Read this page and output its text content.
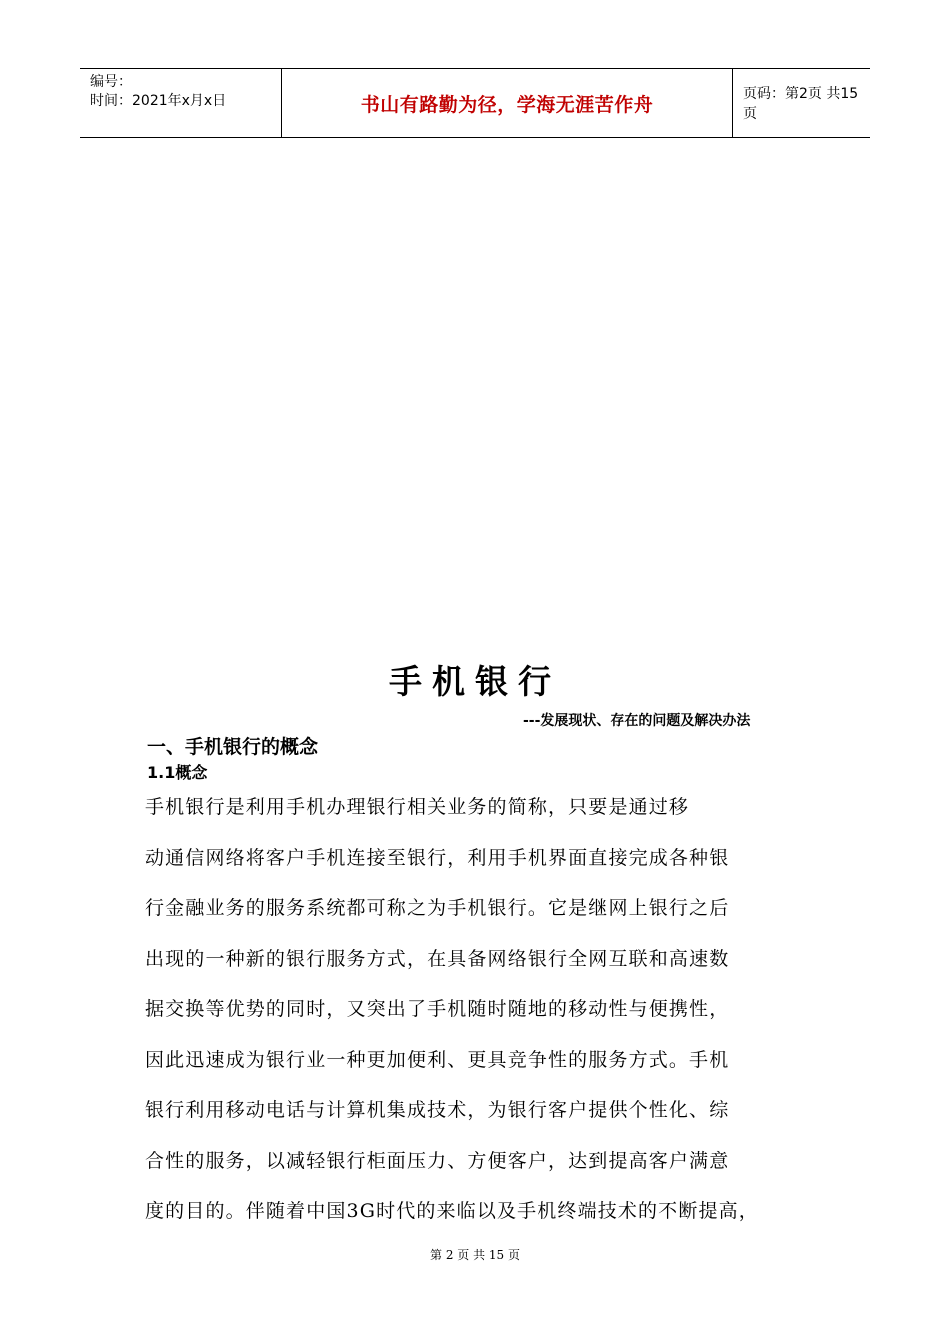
编号：
时间：2021年x月x日	书山有路勤为径，学海无涯苦作舟	页码：第2页 共15页
手机银行
---发展现状、存在的问题及解决办法
一、手机银行的概念
1.1概念
手机银行是利用手机办理银行相关业务的简称，只要是通过移
动通信网络将客户手机连接至银行，利用手机界面直接完成各种银
行金融业务的服务系统都可称之为手机银行。它是继网上银行之后
出现的一种新的银行服务方式，在具备网络银行全网互联和高速数
据交换等优势的同时，又突出了手机随时随地的移动性与便携性，
因此迅速成为银行业一种更加便利、更具竞争性的服务方式。手机
银行利用移动电话与计算机集成技术，为银行客户提供个性化、综
合性的服务，以减轻银行柜面压力、方便客户，达到提高客户满意
度的目的。伴随着中国3G时代的来临以及手机终端技术的不断提高，
第 2 页 共 15 页
